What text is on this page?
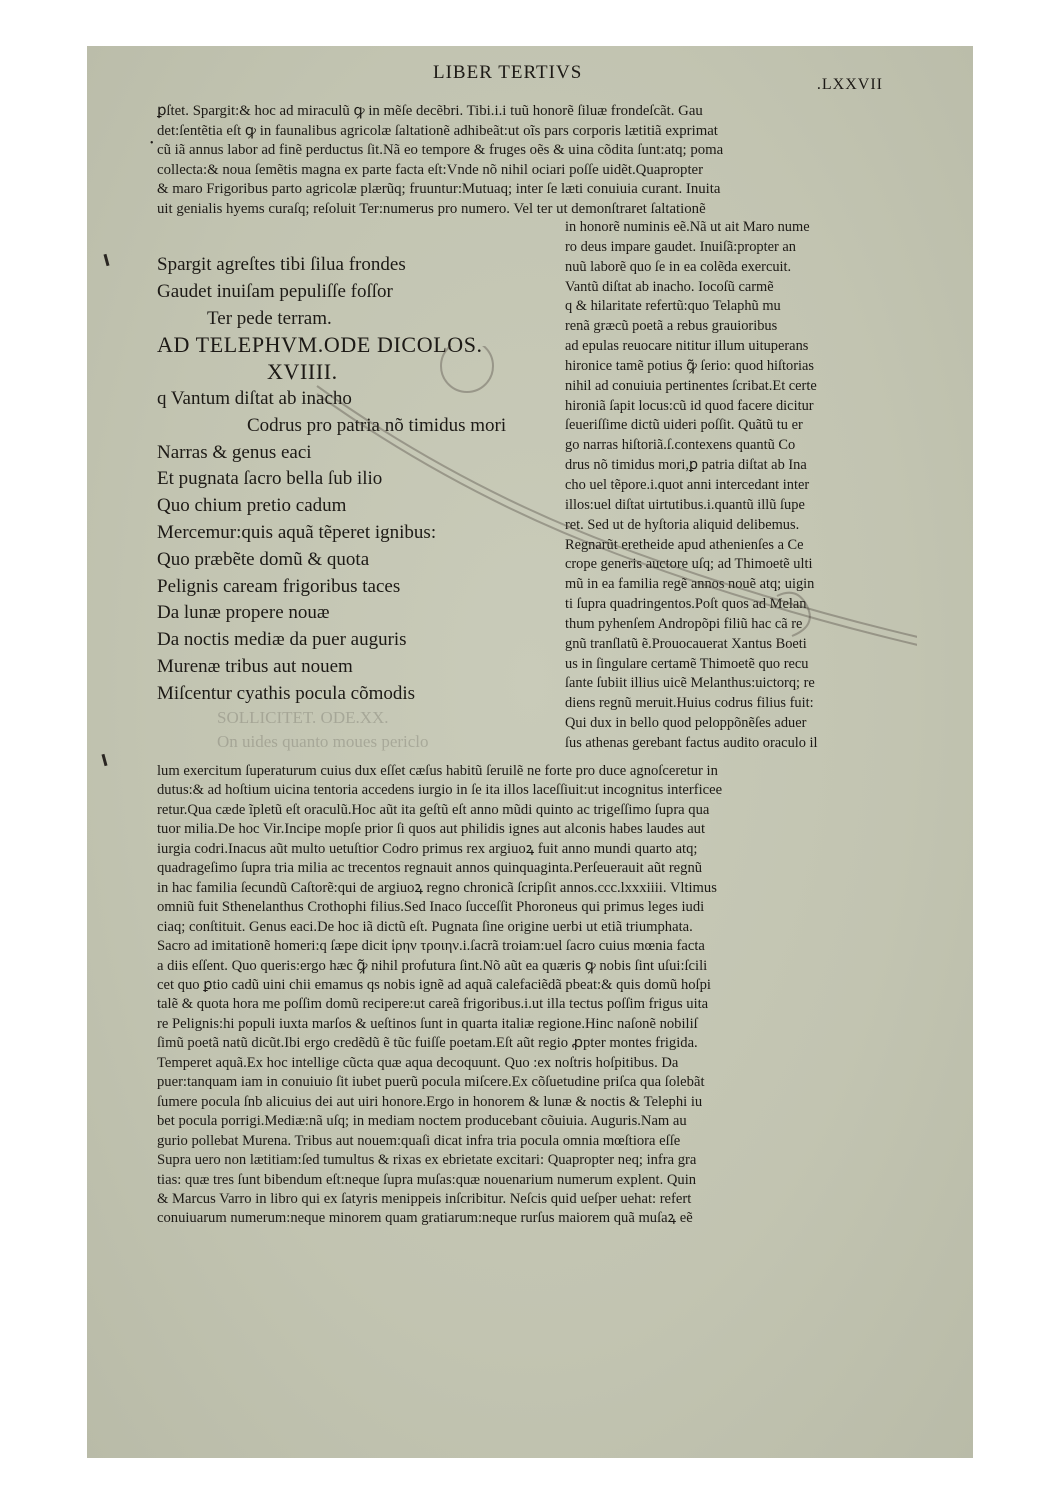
LIBER TERTIVS
.LXXVII
•
ꝑſtet. Spargit:& hoc ad miraculũ ꝙ in mẽſe decẽbri. Tibi.i.i tuũ honorẽ ſiluæ frondeſcãt. Gau
det:ſentẽtia eſt ꝙ in faunalibus agricolæ ſaltationẽ adhibeãt:ut oĩs pars corporis lætitiã exprimat
cũ iã annus labor ad finẽ perductus ſit.Nã eo tempore & fruges oẽs & uina cõdita ſunt:atq; poma
collecta:& noua ſemẽtis magna ex parte facta eſt:Vnde nõ nihil ociari poſſe uidẽt.Quapropter
& maro Frigoribus parto agricolæ plærũq; fruuntur:Mutuaq; inter ſe læti conuiuia curant. Inuita
uit genialis hyems curaſq; reſoluit Ter:numerus pro numero. Vel ter ut demonſtraret ſaltationẽ
in honorẽ numinis eẽ.Nã ut ait Maro nume
ro deus impare gaudet. Inuiſã:propter an
nuũ laborẽ quo ſe in ea colẽda exercuit.
Vantũ diſtat ab inacho. Iocoſũ carmẽ
q & hilaritate refertũ:quo Telaphũ mu
renã græcũ poetã a rebus grauioribus
ad epulas reuocare nititur illum uituperans
hironice tamẽ potius ꝙ̃ ſerio: quod hiſtorias
nihil ad conuiuia pertinentes ſcribat.Et certe
hironiã ſapit locus:cũ id quod facere dicitur
ſeueriſſime dictũ uideri poſſit. Quãtũ tu er
go narras hiſtoriã.ſ.contexens quantũ Co
drus nõ timidus mori,ꝑ patria diſtat ab Ina
cho uel tẽpore.i.quot anni intercedant inter
illos:uel diſtat uirtutibus.i.quantũ illũ ſupe
ret. Sed ut de hyſtoria aliquid delibemus.
Regnarũt eretheide apud athenienſes a Ce
crope generis auctore uſq; ad Thimoetẽ ulti
mũ in ea familia regẽ annos nouẽ atq; uigin
ti ſupra quadringentos.Poſt quos ad Melan
thum pyhenſem Andropõpi filiũ hac cã re
gnũ tranſlatũ ẽ.Prouocauerat Xantus Boeti
us in ſingulare certamẽ Thimoetẽ quo recu
ſante ſubiit illius uicẽ Melanthus:uictorq; re
diens regnũ meruit.Huius codrus filius fuit:
Qui dux in bello quod peloppõnẽſes aduer
ſus athenas gerebant factus audito oraculo il
Spargit agreſtes tibi ſilua frondes
Gaudet inuiſam pepuliſſe foſſor
Ter pede terram.
AD TELEPHVM.ODE DICOLOS.
XVIIII.
q Vantum diſtat ab inacho
Codrus pro patria nõ timidus mori
Narras & genus eaci
Et pugnata ſacro bella ſub ilio
Quo chium pretio cadum
Mercemur:quis aquã tẽperet ignibus:
Quo præbẽte domũ & quota
Pelignis caream frigoribus taces
Da lunæ propere nouæ
Da noctis mediæ da puer auguris
Murenæ tribus aut nouem
Miſcentur cyathis pocula cõmodis
lum exercitum ſuperaturum cuius dux eſſet cæſus habitũ ſeruilẽ ne forte pro duce agnoſceretur in
dutus:& ad hoſtium uicina tentoria accedens iurgio in ſe ita illos laceſſiuit:ut incognitus interficee
retur.Qua cæde ĩpletũ eſt oraculũ.Hoc aũt ita geſtũ eſt anno mũdi quinto ac trigeſſimo ſupra qua
tuor milia.De hoc Vir.Incipe mopſe prior ſi quos aut philidis ignes aut alconis habes laudes aut
iurgia codri.Inacus aũt multo uetuſtior Codro primus rex argiuoꝝ fuit anno mundi quarto atq;
quadrageſimo ſupra tria milia ac trecentos regnauit annos quinquaginta.Perſeuerauit aũt regnũ
in hac familia ſecundũ Caſtorẽ:qui de argiuoꝝ regno chronicã ſcripſit annos.ccc.lxxxiiii. Vltimus
omniũ fuit Sthenelanthus Crothophi filius.Sed Inaco ſucceſſit Phoroneus qui primus leges iudi
ciaq; conſtituit. Genus eaci.De hoc iã dictũ eſt. Pugnata ſine origine uerbi ut etiã triumphata.
Sacro ad imitationẽ homeri:q ſæpe dicit ἱρην τροιην.i.ſacrã troiam:uel ſacro cuius mœnia facta
a diis eſſent. Quo queris:ergo hæc ꝙ̃ nihil profutura ſint.Nõ aũt ea quæris ꝙ nobis ſint uſui:ſcili
cet quo ꝑtio cadũ uini chii emamus qs nobis ignẽ ad aquã calefaciẽdã pbeat:& quis domũ hoſpi
talẽ & quota hora me poſſim domũ recipere:ut careã frigoribus.i.ut illa tectus poſſim frigus uita
re Pelignis:hi populi iuxta marſos & ueſtinos ſunt in quarta italiæ regione.Hinc naſonẽ nobiliſ
ſimũ poetã natũ dicũt.Ibi ergo credẽdũ ẽ tũc fuiſſe poetam.Eſt aũt regio ꝓpter montes frigida.
Temperet aquã.Ex hoc intellige cũcta quæ aqua decoquunt. Quo :ex noſtris hoſpitibus. Da
puer:tanquam iam in conuiuio ſit iubet puerũ pocula miſcere.Ex cõſuetudine priſca qua ſolebãt
ſumere pocula ſnb alicuius dei aut uiri honore.Ergo in honorem & lunæ & noctis & Telephi iu
bet pocula porrigi.Mediæ:nã uſq; in mediam noctem producebant cõuiuia. Auguris.Nam au
gurio pollebat Murena. Tribus aut nouem:quaſi dicat infra tria pocula omnia mœſtiora eſſe
Supra uero non lætitiam:ſed tumultus & rixas ex ebrietate excitari: Quapropter neq; infra gra
tias: quæ tres ſunt bibendum eſt:neque ſupra muſas:quæ nouenarium numerum explent. Quin
& Marcus Varro in libro qui ex ſatyris menippeis inſcribitur. Neſcis quid ueſper uehat: refert
conuiuarum numerum:neque minorem quam gratiarum:neque rurſus maiorem quã muſaꝝ eẽ
SOLLICITET. ODE.XX.
On uides quanto moues periclo
